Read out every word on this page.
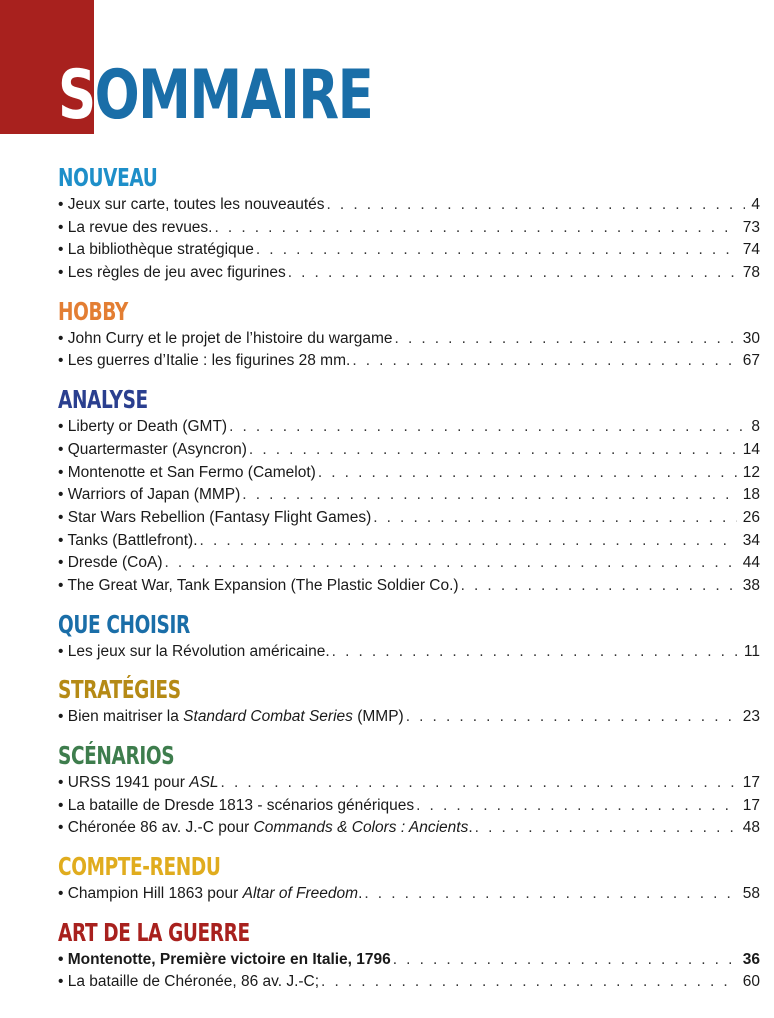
SOMMAIRE
NOUVEAU
• Jeux sur carte, toutes les nouveautés . . .	4
• La revue des revues. . . .	73
• La bibliothèque stratégique . . .	74
• Les règles de jeu avec figurines . . .	78
HOBBY
• John Curry et le projet de l’histoire du wargame . . .	30
• Les guerres d’Italie : les figurines 28 mm. . . .	67
ANALYSE
• Liberty or Death (GMT) . . .	8
• Quartermaster (Asyncron) . . .	14
• Montenotte et San Fermo (Camelot) . . .	12
• Warriors of Japan (MMP) . . .	18
• Star Wars Rebellion (Fantasy Flight Games) . . .	26
• Tanks (Battlefront). . . .	34
• Dresde (CoA) . . .	44
• The Great War, Tank Expansion (The Plastic Soldier Co.) . . .	38
QUE CHOISIR
• Les jeux sur la Révolution américaine. . . .	11
STRATÉGIES
• Bien maitriser la Standard Combat Series (MMP) . . .	23
SCÉNARIOS
• URSS 1941 pour ASL . . .	17
• La bataille de Dresde 1813 - scénarios génériques . . .	17
• Chéronée 86 av. J.-C pour Commands & Colors : Ancients. . . .	48
COMPTE-RENDU
• Champion Hill 1863 pour Altar of Freedom. . . .	58
ART DE LA GUERRE
• Montenotte, Première victoire en Italie, 1796 . . .	36
• La bataille de Chéronée, 86 av. J.-C; . . .	60
